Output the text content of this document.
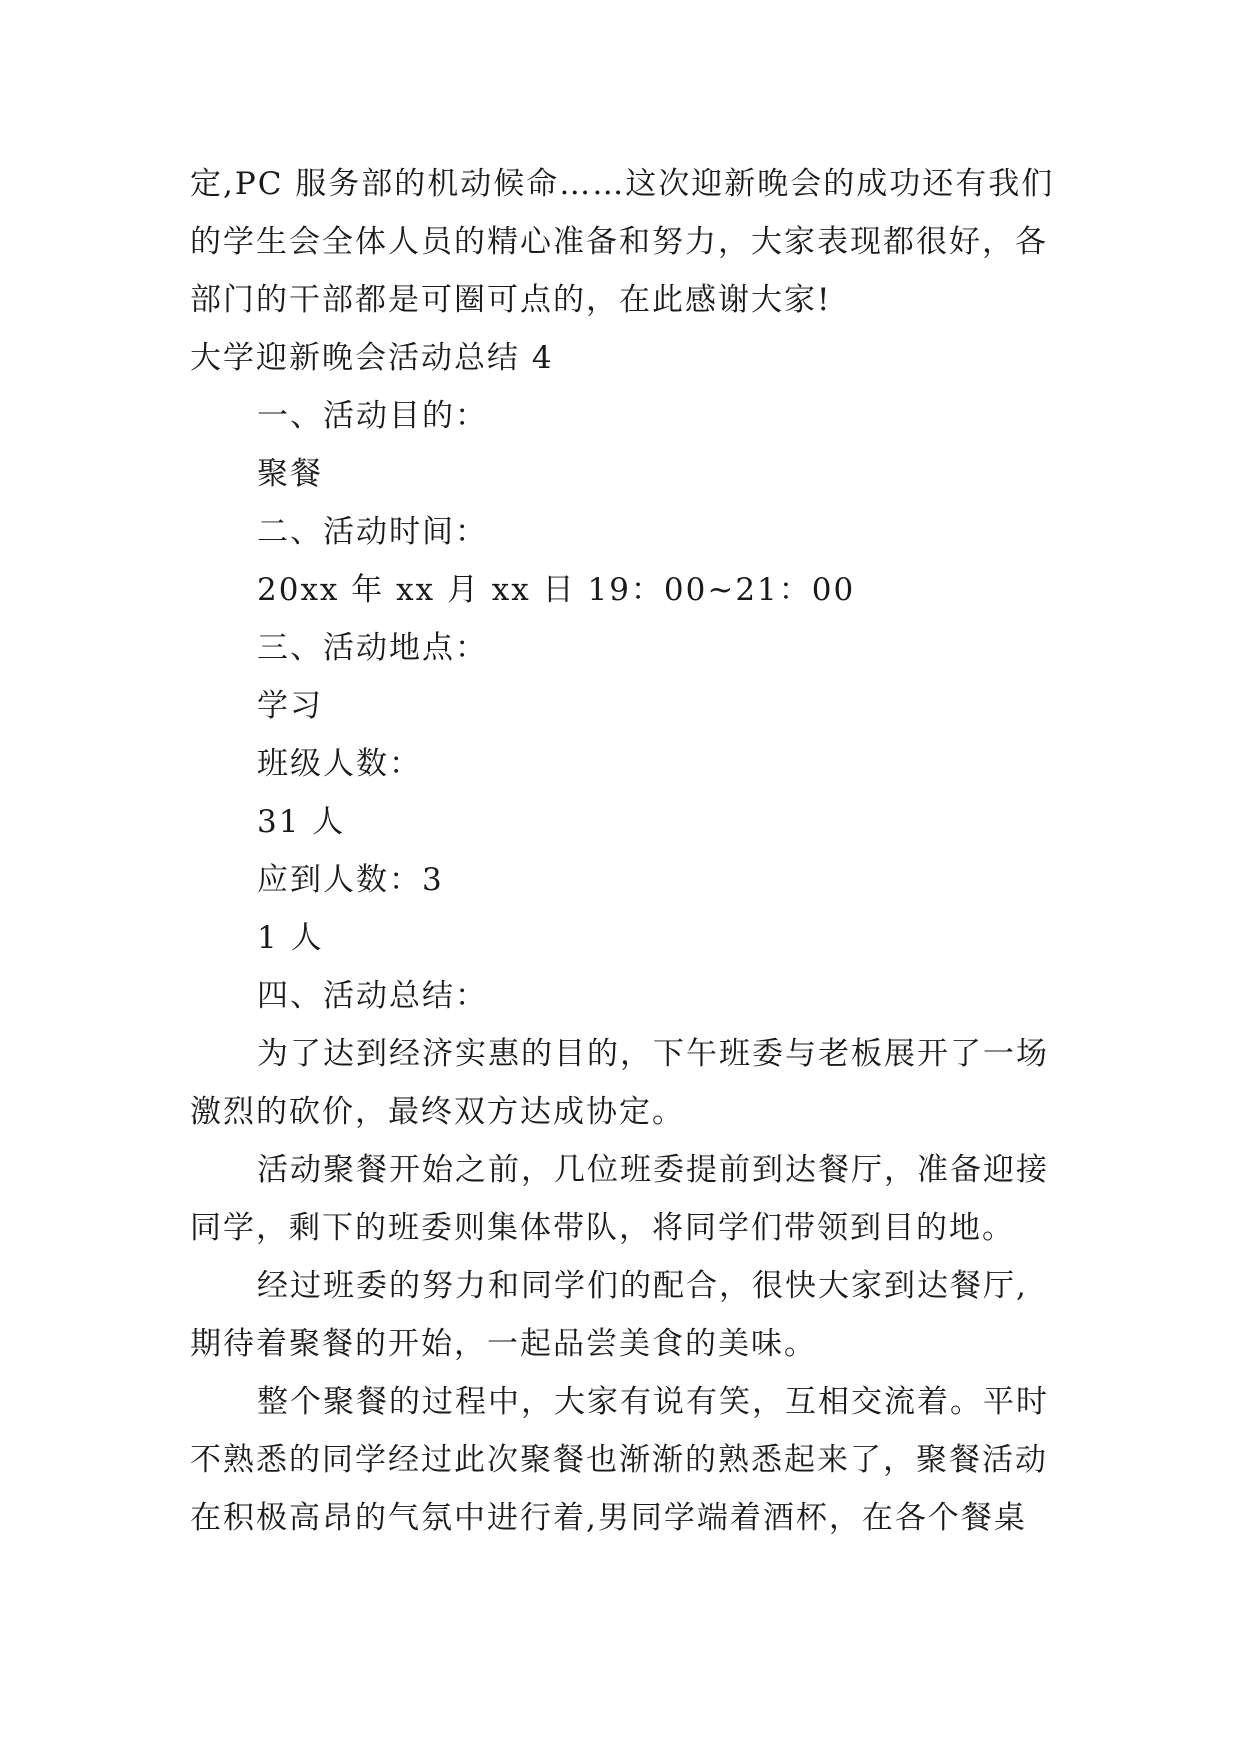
定,PC 服务部的机动候命……这次迎新晚会的成功还有我们
的学生会全体人员的精心准备和努力，大家表现都很好，各
部门的干部都是可圈可点的，在此感谢大家!
大学迎新晚会活动总结 4
一、活动目的：
聚餐
二、活动时间：
20xx 年 xx 月 xx 日 19：00~21：00
三、活动地点：
学习
班级人数：
31 人
应到人数：3
1 人
四、活动总结：
为了达到经济实惠的目的，下午班委与老板展开了一场
激烈的砍价，最终双方达成协定。
活动聚餐开始之前，几位班委提前到达餐厅，准备迎接
同学，剩下的班委则集体带队，将同学们带领到目的地。
经过班委的努力和同学们的配合，很快大家到达餐厅,
期待着聚餐的开始，一起品尝美食的美味。
整个聚餐的过程中，大家有说有笑，互相交流着。平时
不熟悉的同学经过此次聚餐也渐渐的熟悉起来了，聚餐活动
在积极高昂的气氛中进行着,男同学端着酒杯，在各个餐桌
